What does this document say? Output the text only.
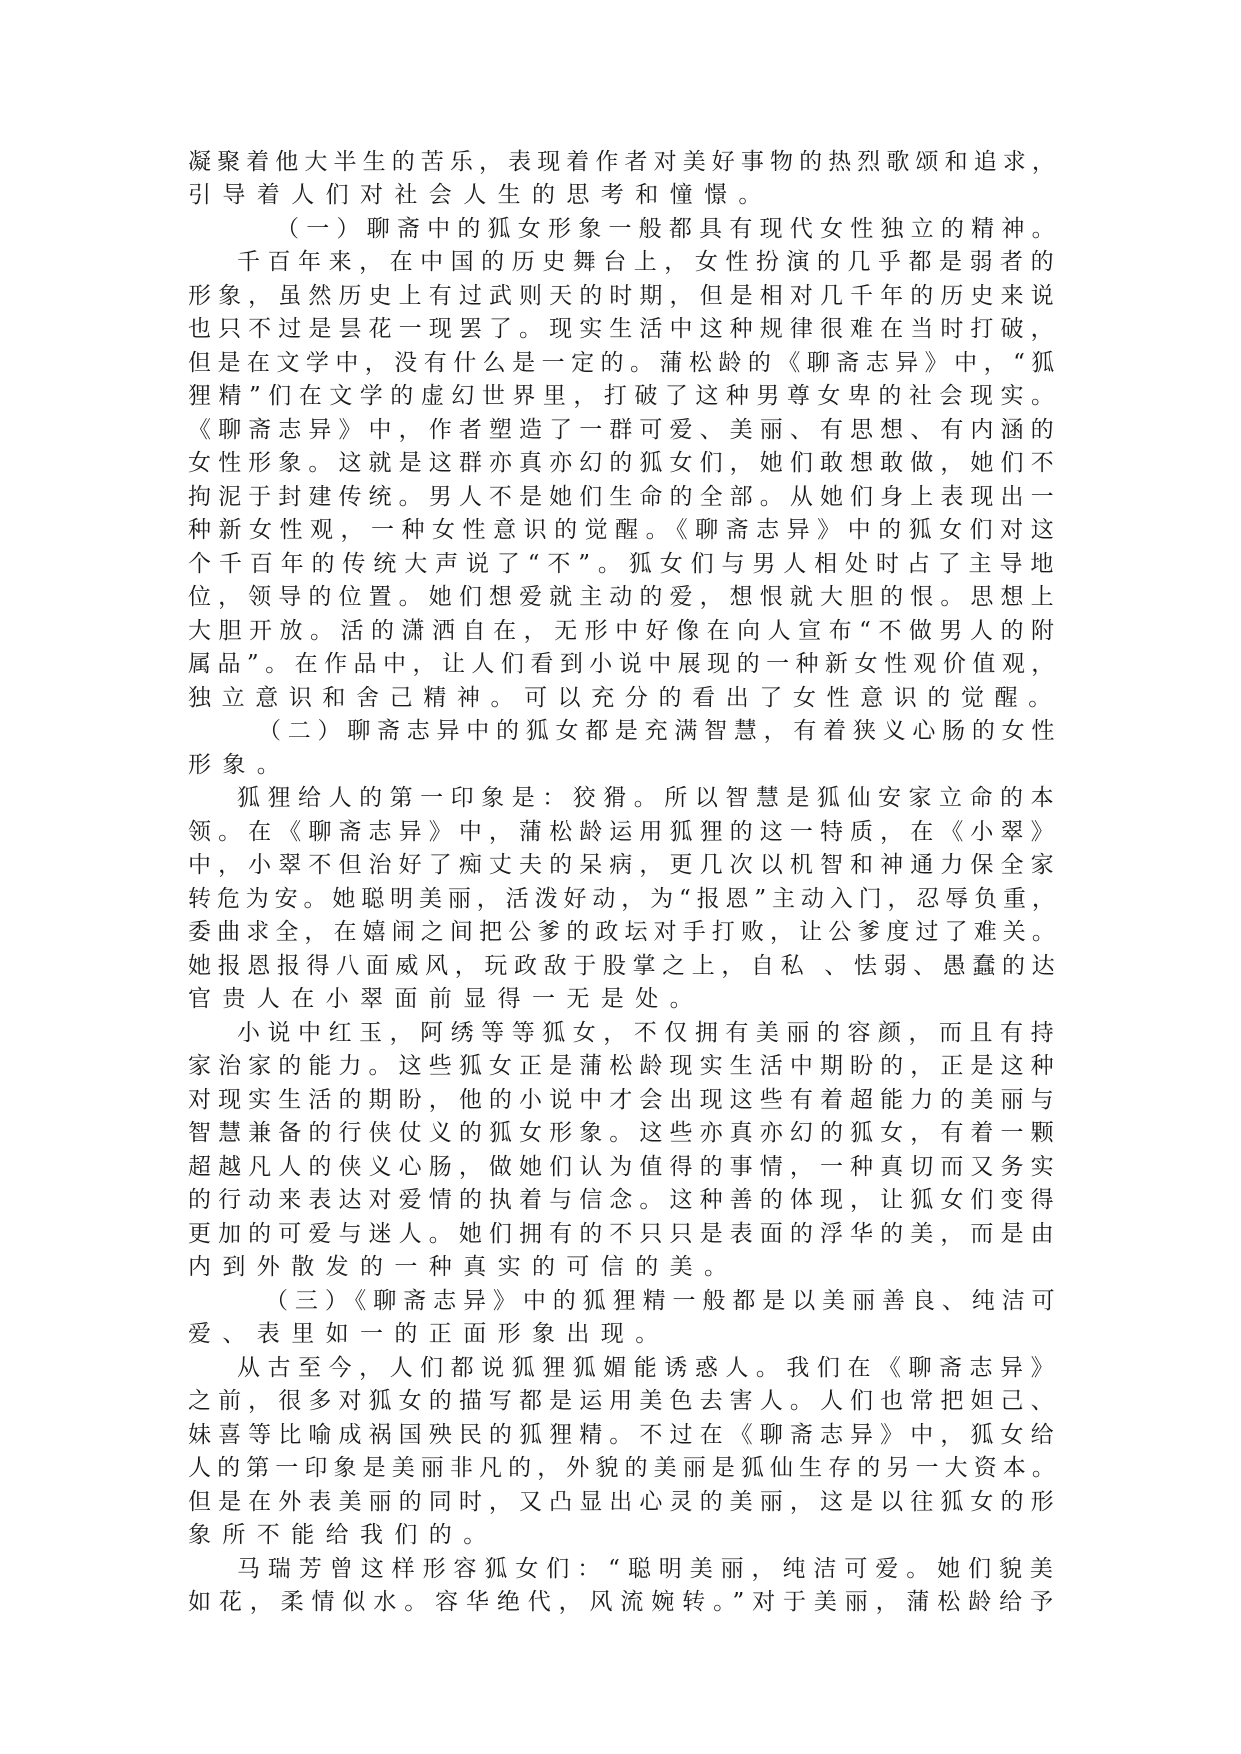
凝聚着他大半生的苦乐，表现着作者对美好事物的热烈歌颂和追求，
引导着人们对社会人生的思考和憧憬。
（一）聊斋中的狐女形象一般都具有现代女性独立的精神。
千百年来，在中国的历史舞台上，女性扮演的几乎都是弱者的
形象，虽然历史上有过武则天的时期，但是相对几千年的历史来说
也只不过是昙花一现罢了。现实生活中这种规律很难在当时打破，
但是在文学中，没有什么是一定的。蒲松龄的《聊斋志异》中，“狐
狸精”们在文学的虚幻世界里，打破了这种男尊女卑的社会现实。
《聊斋志异》中，作者塑造了一群可爱、美丽、有思想、有内涵的
女性形象。这就是这群亦真亦幻的狐女们，她们敢想敢做，她们不
拘泥于封建传统。男人不是她们生命的全部。从她们身上表现出一
种新女性观，一种女性意识的觉醒。《聊斋志异》中的狐女们对这
个千百年的传统大声说了“不”。狐女们与男人相处时占了主导地
位，领导的位置。她们想爱就主动的爱，想恨就大胆的恨。思想上
大胆开放。活的潇洒自在，无形中好像在向人宣布“不做男人的附
属品”。在作品中，让人们看到小说中展现的一种新女性观价值观，
独立意识和舍己精神。可以充分的看出了女性意识的觉醒。
（二）聊斋志异中的狐女都是充满智慧，有着狭义心肠的女性
形象。
狐狸给人的第一印象是：狡猾。所以智慧是狐仙安家立命的本
领。在《聊斋志异》中，蒲松龄运用狐狸的这一特质，在《小翠》
中，小翠不但治好了痴丈夫的呆病，更几次以机智和神通力保全家
转危为安。她聪明美丽，活泼好动，为“报恩”主动入门，忍辱负重，
委曲求全，在嬉闹之间把公爹的政坛对手打败，让公爹度过了难关。
她报恩报得八面威风，玩政敌于股掌之上，自私 、怯弱、愚蠢的达
官贵人在小翠面前显得一无是处。
小说中红玉，阿绣等等狐女，不仅拥有美丽的容颜，而且有持
家治家的能力。这些狐女正是蒲松龄现实生活中期盼的，正是这种
对现实生活的期盼，他的小说中才会出现这些有着超能力的美丽与
智慧兼备的行侠仗义的狐女形象。这些亦真亦幻的狐女，有着一颗
超越凡人的侠义心肠，做她们认为值得的事情，一种真切而又务实
的行动来表达对爱情的执着与信念。这种善的体现，让狐女们变得
更加的可爱与迷人。她们拥有的不只只是表面的浮华的美，而是由
内到外散发的一种真实的可信的美。
（三）《聊斋志异》中的狐狸精一般都是以美丽善良、纯洁可
爱、表里如一的正面形象出现。
从古至今，人们都说狐狸狐媚能诱惑人。我们在《聊斋志异》
之前，很多对狐女的描写都是运用美色去害人。人们也常把妲己、
妹喜等比喻成祸国殃民的狐狸精。不过在《聊斋志异》中，狐女给
人的第一印象是美丽非凡的，外貌的美丽是狐仙生存的另一大资本。
但是在外表美丽的同时，又凸显出心灵的美丽，这是以往狐女的形
象所不能给我们的。
马瑞芳曾这样形容狐女们：“聪明美丽，纯洁可爱。她们貌美
如花，柔情似水。容华绝代，风流婉转。”对于美丽，蒲松龄给予
